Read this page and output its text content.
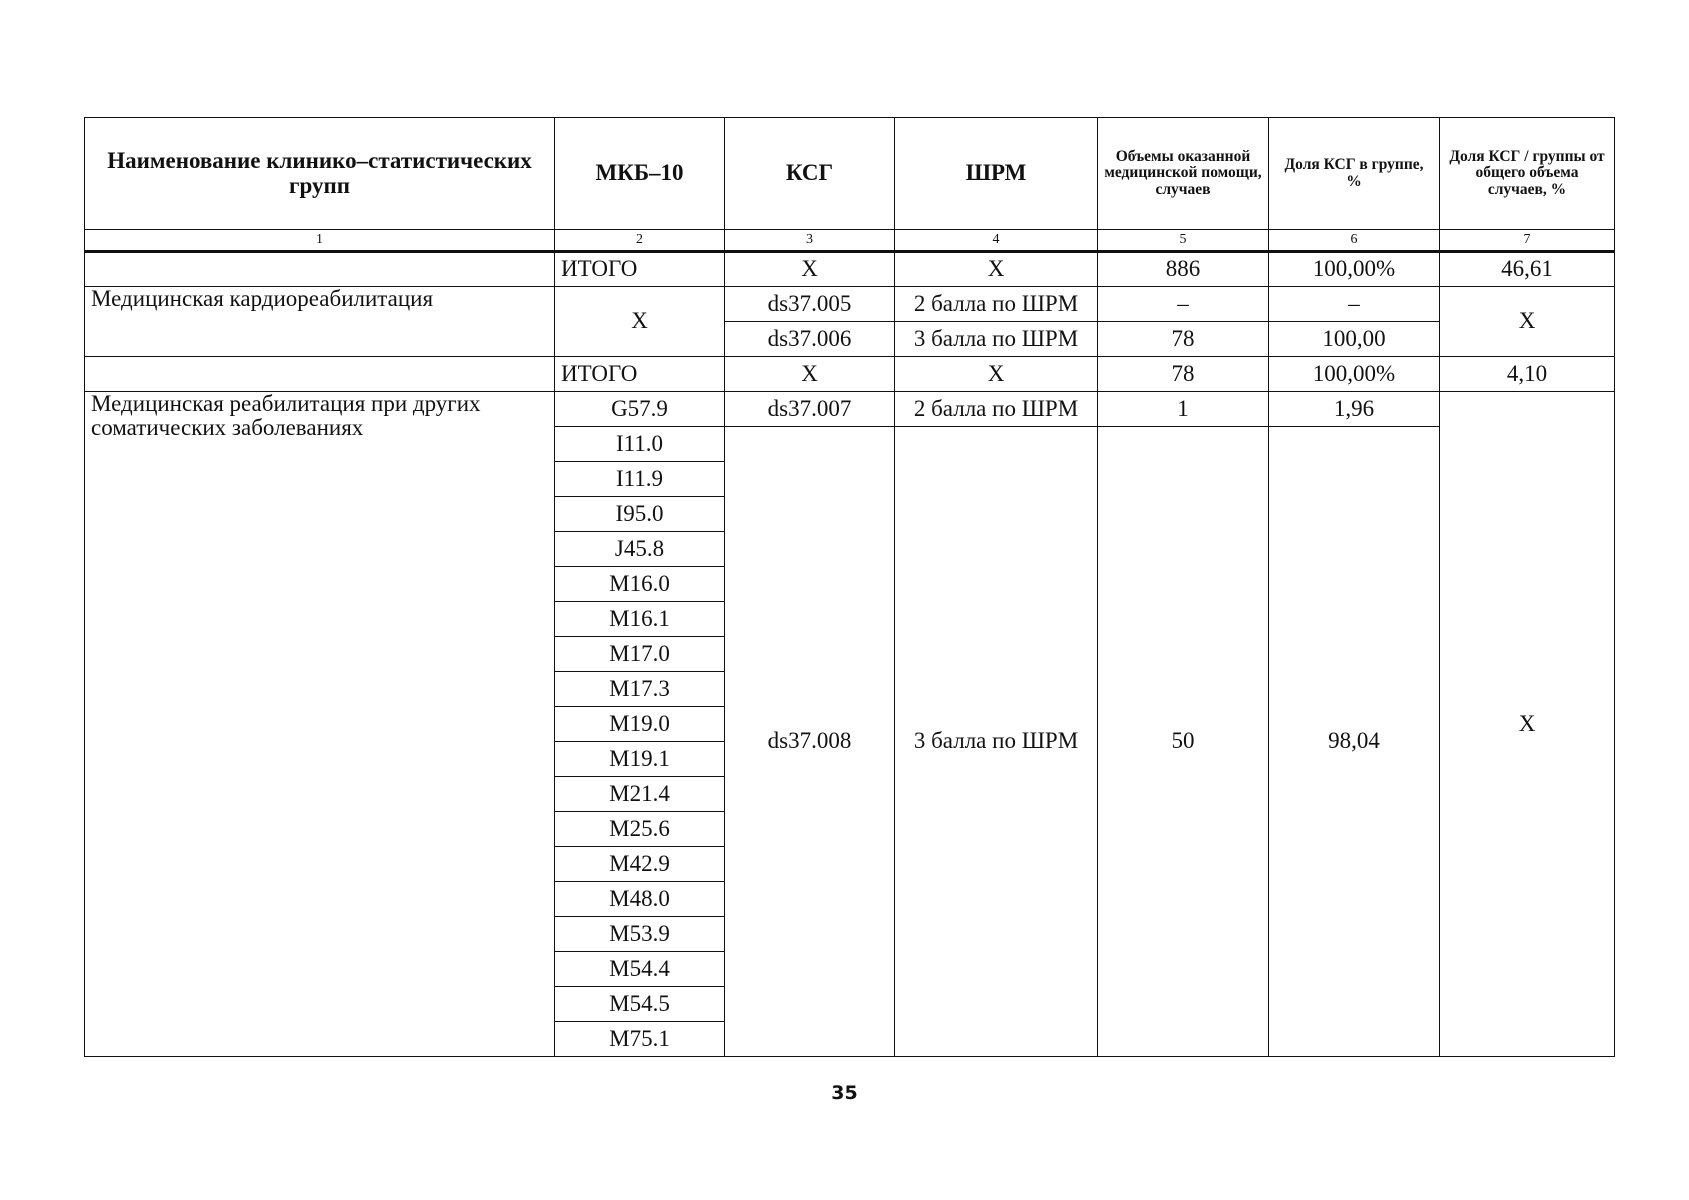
Наименование клинико–статистических групп	МКБ–10	КСГ	ШРМ	Объемы оказанной медицинской помощи, случаев	Доля КСГ в группе, %	Доля КСГ / группы от общего объема случаев, %
1	2	3	4	5	6	7
	ИТОГО	Х	Х	886	100,00%	46,61
Медицинская кардиореабилитация	Х	ds37.005	2 балла по ШРМ	–	–	Х
		ds37.006	3 балла по ШРМ	78	100,00	
	ИТОГО	Х	Х	78	100,00%	4,10
Медицинская реабилитация при других соматических заболеваниях	G57.9	ds37.007	2 балла по ШРМ	1	1,96	Х
	I11.0	ds37.008	3 балла по ШРМ	50	98,04	
	I11.9					
	I95.0					
	J45.8					
	M16.0					
	M16.1					
	M17.0					
	M17.3					
	M19.0					
	M19.1					
	M21.4					
	M25.6					
	M42.9					
	M48.0					
	M53.9					
	M54.4					
	M54.5					
	M75.1					
35
